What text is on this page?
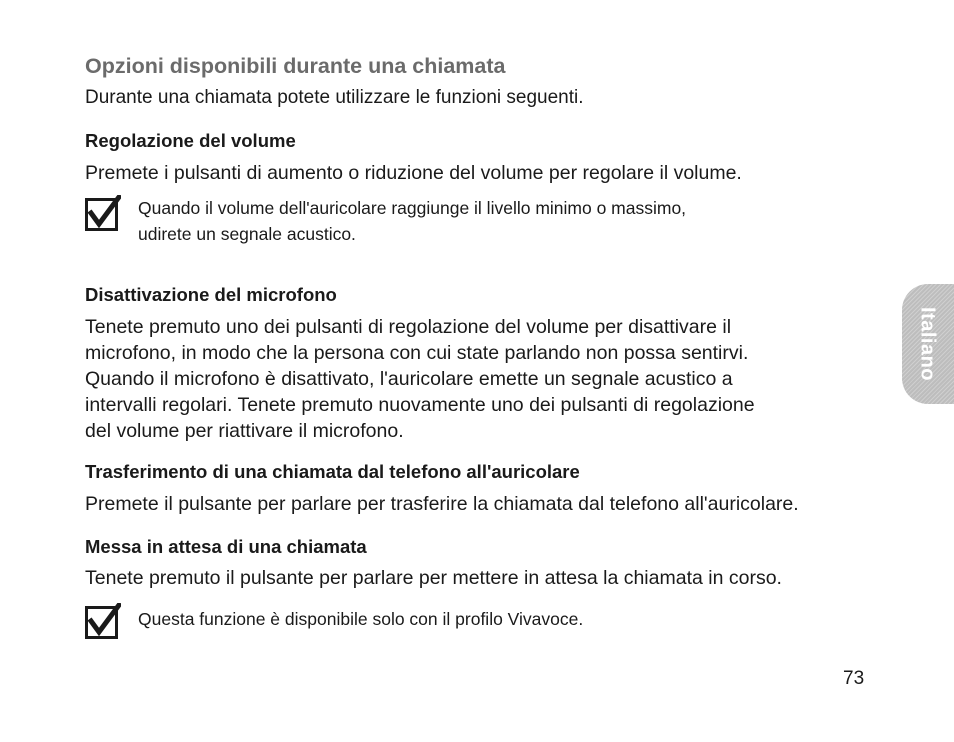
Opzioni disponibili durante una chiamata

Durante una chiamata potete utilizzare le funzioni seguenti.

Regolazione del volume

Premete i pulsanti di aumento o riduzione del volume per regolare il volume.

Quando il volume dell'auricolare raggiunge il livello minimo o massimo,
udirete un segnale acustico.

Disattivazione del microfono

Tenete premuto uno dei pulsanti di regolazione del volume per disattivare il
microfono, in modo che la persona con cui state parlando non possa sentirvi.
Quando il microfono è disattivato, l'auricolare emette un segnale acustico a
intervalli regolari. Tenete premuto nuovamente uno dei pulsanti di regolazione
del volume per riattivare il microfono.

Trasferimento di una chiamata dal telefono all'auricolare

Premete il pulsante per parlare per trasferire la chiamata dal telefono all'auricolare.

Messa in attesa di una chiamata

Tenete premuto il pulsante per parlare per mettere in attesa la chiamata in corso.

Questa funzione è disponibile solo con il profilo Vivavoce.

Italiano
73
